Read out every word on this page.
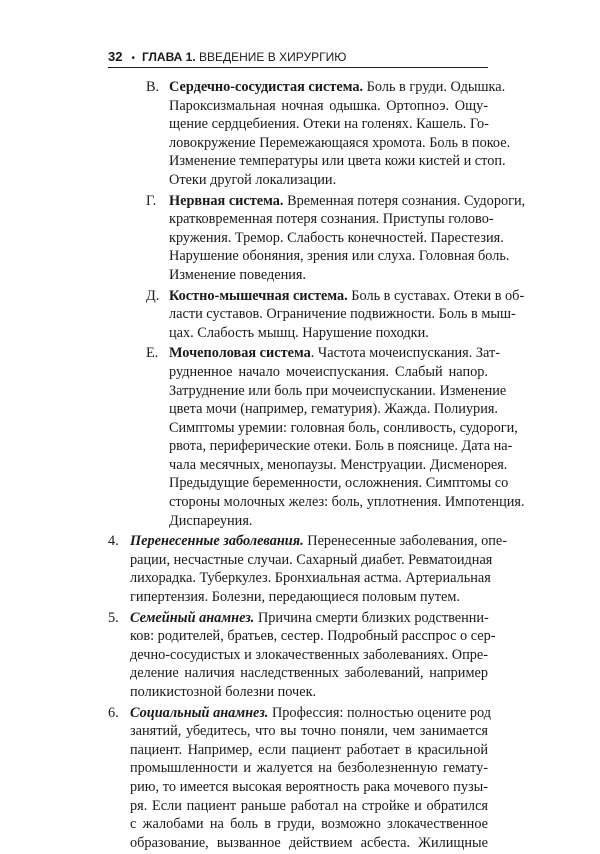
32 • ГЛАВА 1. ВВЕДЕНИЕ В ХИРУРГИЮ
В. Сердечно-сосудистая система. Боль в груди. Одышка.
Пароксизмальная ночная одышка. Ортопноэ. Ощу-
щение сердцебиения. Отеки на голенях. Кашель. Го-
ловокружение Перемежающаяся хромота. Боль в покое.
Изменение температуры или цвета кожи кистей и стоп.
Отеки другой локализации.

Г. Нервная система. Временная потеря сознания. Судороги,
кратковременная потеря сознания. Приступы голово-
кружения. Тремор. Слабость конечностей. Парестезия.
Нарушение обоняния, зрения или слуха. Головная боль.
Изменение поведения.

Д. Костно-мышечная система. Боль в суставах. Отеки в об-
ласти суставов. Ограничение подвижности. Боль в мыш-
цах. Слабость мышц. Нарушение походки.

Е. Мочеполовая система. Частота мочеиспускания. Зат-
рудненное начало мочеиспускания. Слабый напор.
Затруднение или боль при мочеиспускании. Изменение
цвета мочи (например, гематурия). Жажда. Полиурия.
Симптомы уремии: головная боль, сонливость, судороги,
рвота, периферические отеки. Боль в пояснице. Дата на-
чала месячных, менопаузы. Менструации. Дисменорея.
Предыдущие беременности, осложнения. Симптомы со
стороны молочных желез: боль, уплотнения. Импотенция.
Диспареуния.

4. Перенесенные заболевания. Перенесенные заболевания, опе-
рации, несчастные случаи. Сахарный диабет. Ревматоидная
лихорадка. Туберкулез. Бронхиальная астма. Артериальная
гипертензия. Болезни, передающиеся половым путем.

5. Семейный анамнез. Причина смерти близких родственни-
ков: родителей, братьев, сестер. Подробный расспрос о сер-
дечно-сосудистых и злокачественных заболеваниях. Опре-
деление наличия наследственных заболеваний, например
поликистозной болезни почек.

6. Социальный анамнез. Профессия: полностью оцените род
занятий, убедитесь, что вы точно поняли, чем занимается
пациент. Например, если пациент работает в красильной
промышленности и жалуется на безболезненную гемату-
рию, то имеется высокая вероятность рака мочевого пузы-
ря. Если пациент раньше работал на стройке и обратился
с жалобами на боль в груди, возможно злокачественное
образование, вызванное действием асбеста. Жилищные
